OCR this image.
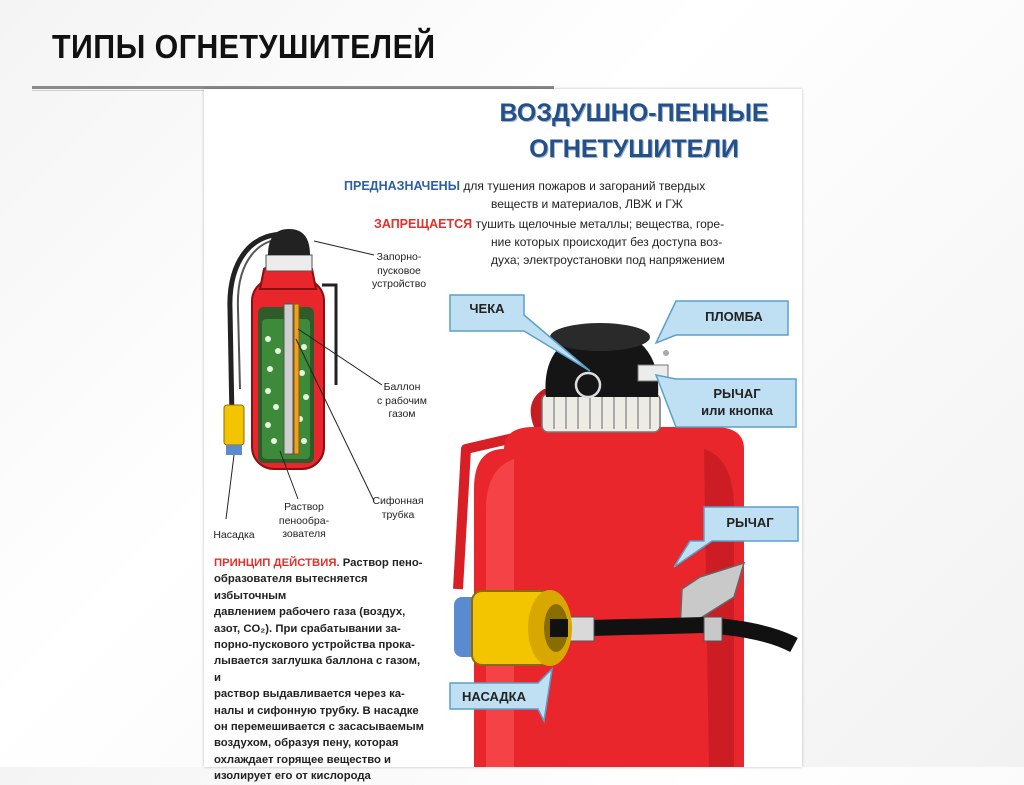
ТИПЫ ОГНЕТУШИТЕЛЕЙ
ВОЗДУШНО-ПЕННЫЕ
ОГНЕТУШИТЕЛИ
ПРЕДНАЗНАЧЕНЫ для тушения пожаров и загораний твердых
веществ и материалов, ЛВЖ и ГЖ
ЗАПРЕЩАЕТСЯ тушить щелочные металлы; вещества, горе-
ние которых происходит без доступа воз-
духа; электроустановки под напряжением
Запорно-
пусковое
устройство
Баллон
с рабочим
газом
Сифонная
трубка
Раствор
пенообра-
зователя
Насадка
ЧЕКА
ПЛОМБА
РЫЧАГ
или кнопка
РЫЧАГ
НАСАДКА
ПРИНЦИП ДЕЙСТВИЯ. Раствор пено-
образователя вытесняется избыточным
давлением рабочего газа (воздух,
азот, CO₂). При срабатывании за-
порно-пускового устройства прока-
лывается заглушка баллона с газом, и
раствор выдавливается через ка-
налы и сифонную трубку. В насадке
он перемешивается с засасываемым
воздухом, образуя пену, которая
охлаждает горящее вещество и
изолирует его от кислорода
